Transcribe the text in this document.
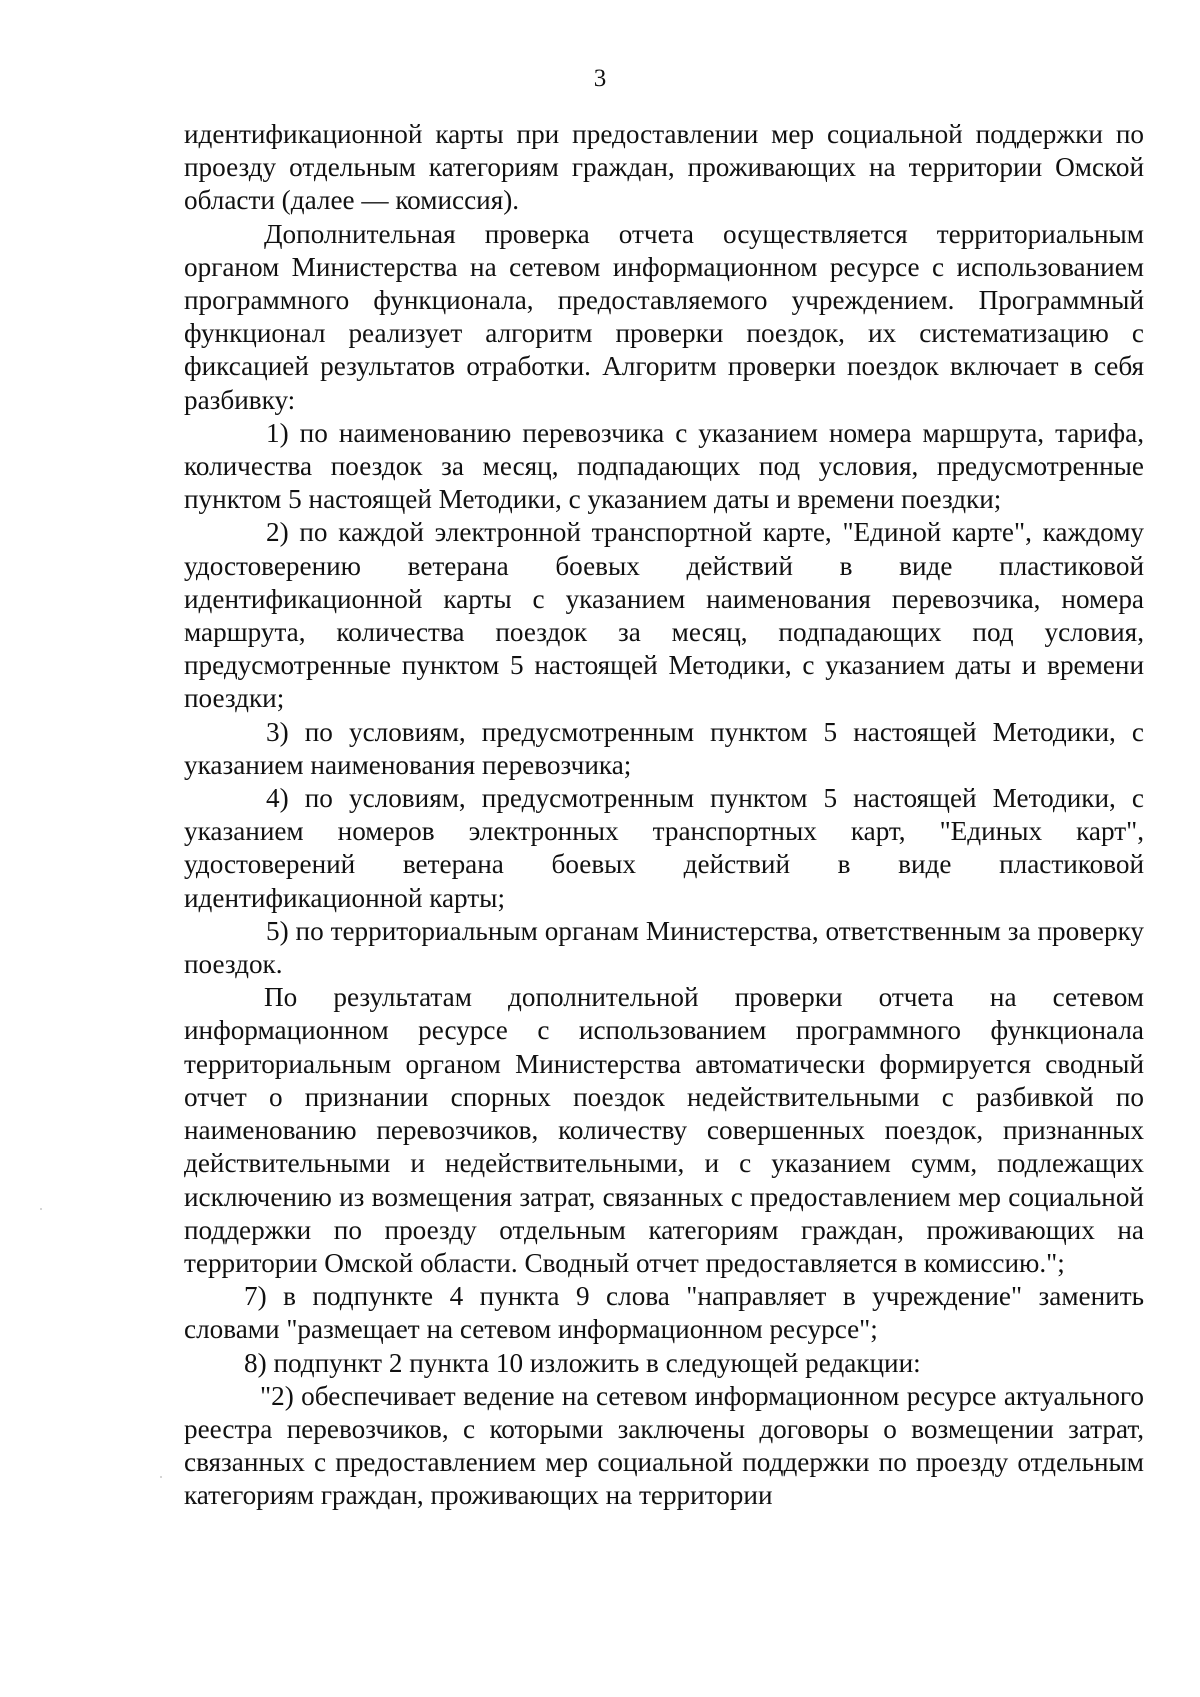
3

идентификационной карты при предоставлении мер социальной поддержки по проезду отдельным категориям граждан, проживающих на территории Омской области (далее — комиссия).

Дополнительная проверка отчета осуществляется территориальным органом Министерства на сетевом информационном ресурсе с использованием программного функционала, предоставляемого учреждением. Программный функционал реализует алгоритм проверки поездок, их систематизацию с фиксацией результатов отработки. Алгоритм проверки поездок включает в себя разбивку:

1) по наименованию перевозчика с указанием номера маршрута, тарифа, количества поездок за месяц, подпадающих под условия, предусмотренные пунктом 5 настоящей Методики, с указанием даты и времени поездки;

2) по каждой электронной транспортной карте, "Единой карте", каждому удостоверению ветерана боевых действий в виде пластиковой идентификационной карты с указанием наименования перевозчика, номера маршрута, количества поездок за месяц, подпадающих под условия, предусмотренные пунктом 5 настоящей Методики, с указанием даты и времени поездки;

3) по условиям, предусмотренным пунктом 5 настоящей Методики, с указанием наименования перевозчика;

4) по условиям, предусмотренным пунктом 5 настоящей Методики, с указанием номеров электронных транспортных карт, "Единых карт", удостоверений ветерана боевых действий в виде пластиковой идентификационной карты;

5) по территориальным органам Министерства, ответственным за проверку поездок.

По результатам дополнительной проверки отчета на сетевом информационном ресурсе с использованием программного функционала территориальным органом Министерства автоматически формируется сводный отчет о признании спорных поездок недействительными с разбивкой по наименованию перевозчиков, количеству совершенных поездок, признанных действительными и недействительными, и с указанием сумм, подлежащих исключению из возмещения затрат, связанных с предоставлением мер социальной поддержки по проезду отдельным категориям граждан, проживающих на территории Омской области. Сводный отчет предоставляется в комиссию.";

7) в подпункте 4 пункта 9 слова "направляет в учреждение" заменить словами "размещает на сетевом информационном ресурсе";

8) подпункт 2 пункта 10 изложить в следующей редакции:

"2) обеспечивает ведение на сетевом информационном ресурсе актуального реестра перевозчиков, с которыми заключены договоры о возмещении затрат, связанных с предоставлением мер социальной поддержки по проезду отдельным категориям граждан, проживающих на территории
